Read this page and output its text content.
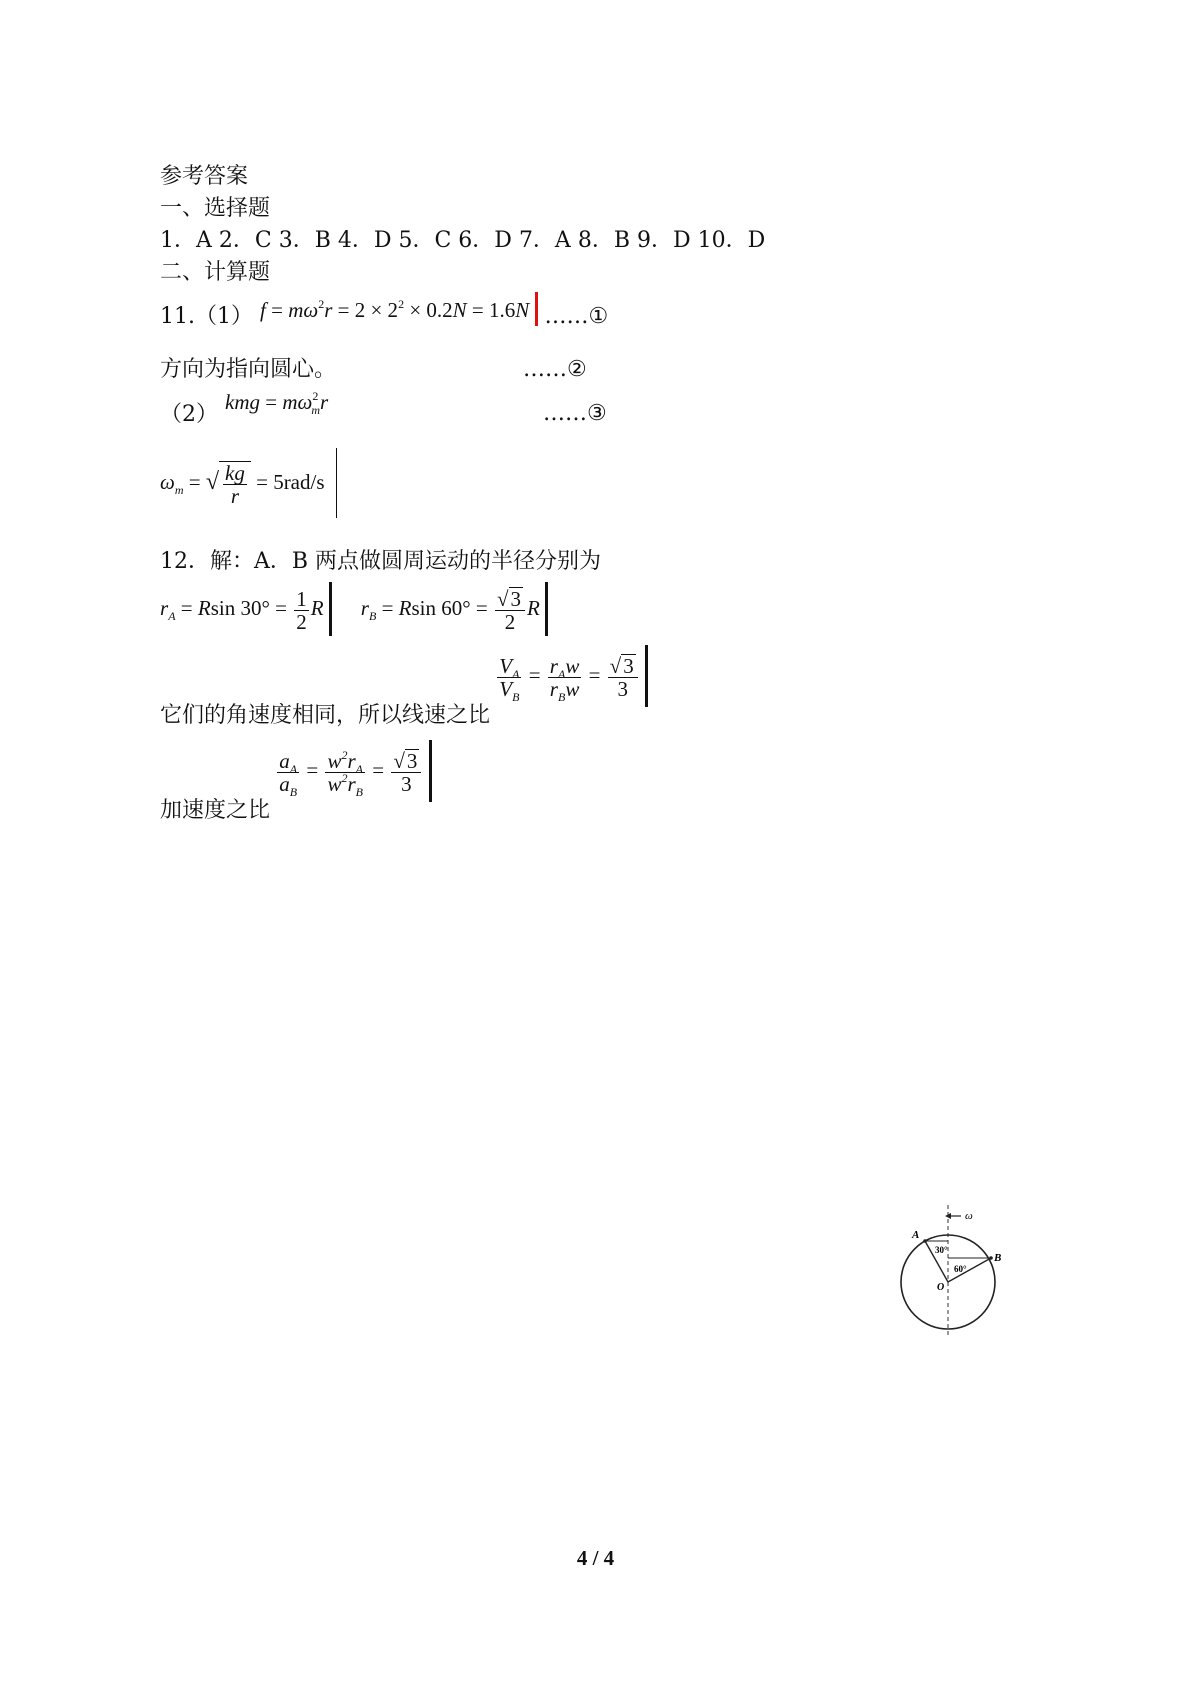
参考答案
一、选择题
1．A 2．C 3．B 4．D 5．C 6．D 7．A 8．B 9．D 10．D
二、计算题
11.（1） $f = m\omega^2r = 2 \times 2^2 \times 0.2N = 1.6N$ ……①
方向为指向圆心。	……②
（2） kmg = $m\omega^2_mr$	……③
$\omega_m$ = √ $\frac{kg}{r} = 5rad/s$
12．解：A．B 两点做圆周运动的半径分别为
$r_A = Rsin$ $30^\circ = \frac{1}{2}$ R $r_B = Rsin$ $60^\circ = \frac{√3}{2}$ R
它们的角速度相同，所以线速之比
$\frac{V_A}{V_B} = \frac{r_Aw}{r_Bw} = \frac{√3}{3}$

加速度之比
$\frac{a_A}{a_B} = \frac{w^2r_A}{w^2r_B} = \frac{√3}{3}$

ω
A
B
O
30°
60°
4 / 4
